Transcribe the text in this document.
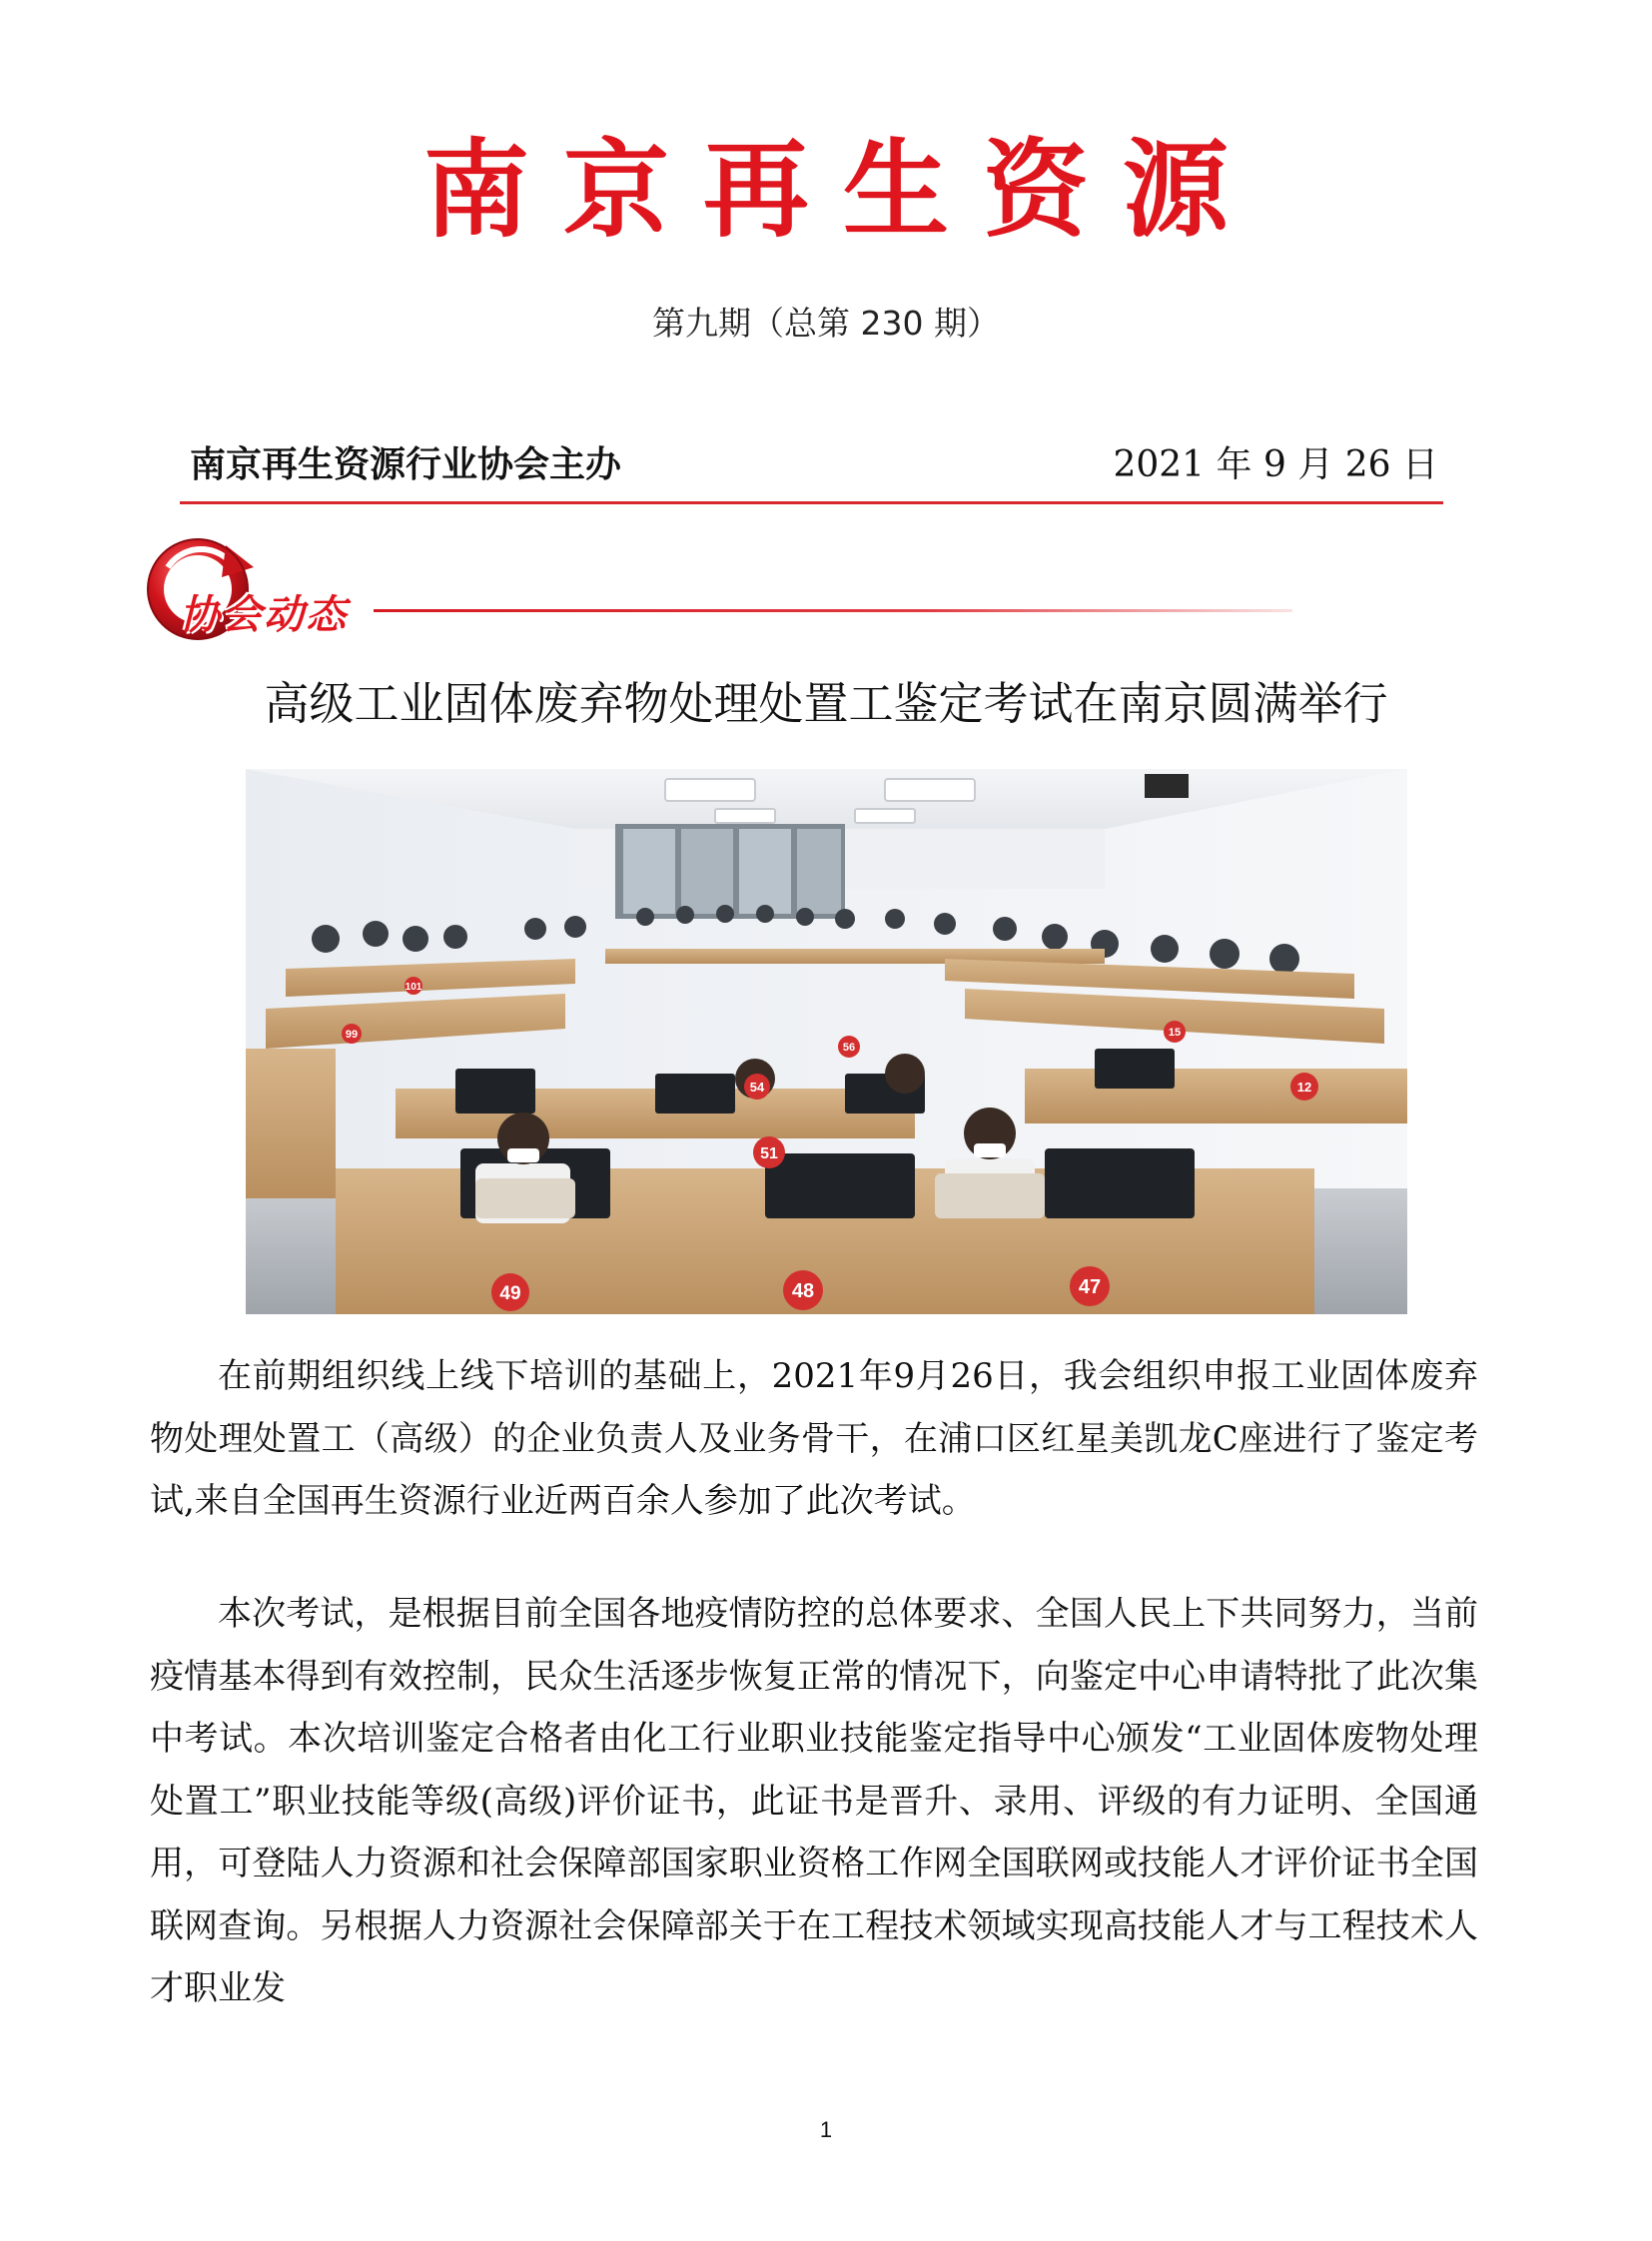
南京再生资源
第九期（总第 230 期）
南京再生资源行业协会主办	2021 年 9 月 26 日
协会动态
高级工业固体废弃物处理处置工鉴定考试在南京圆满举行
101
99
56
54
15
12
51
49	48	47

在前期组织线上线下培训的基础上，2021年9月26日，我会组织申报工业固体废弃物处理处置工（高级）的企业负责人及业务骨干，在浦口区红星美凯龙C座进行了鉴定考试,来自全国再生资源行业近两百余人参加了此次考试。

本次考试，是根据目前全国各地疫情防控的总体要求、全国人民上下共同努力，当前疫情基本得到有效控制，民众生活逐步恢复正常的情况下，向鉴定中心申请特批了此次集中考试。本次培训鉴定合格者由化工行业职业技能鉴定指导中心颁发“工业固体废物处理处置工”职业技能等级(高级)评价证书，此证书是晋升、录用、评级的有力证明、全国通用，可登陆人力资源和社会保障部国家职业资格工作网全国联网或技能人才评价证书全国联网查询。另根据人力资源社会保障部关于在工程技术领域实现高技能人才与工程技术人才职业发

1
